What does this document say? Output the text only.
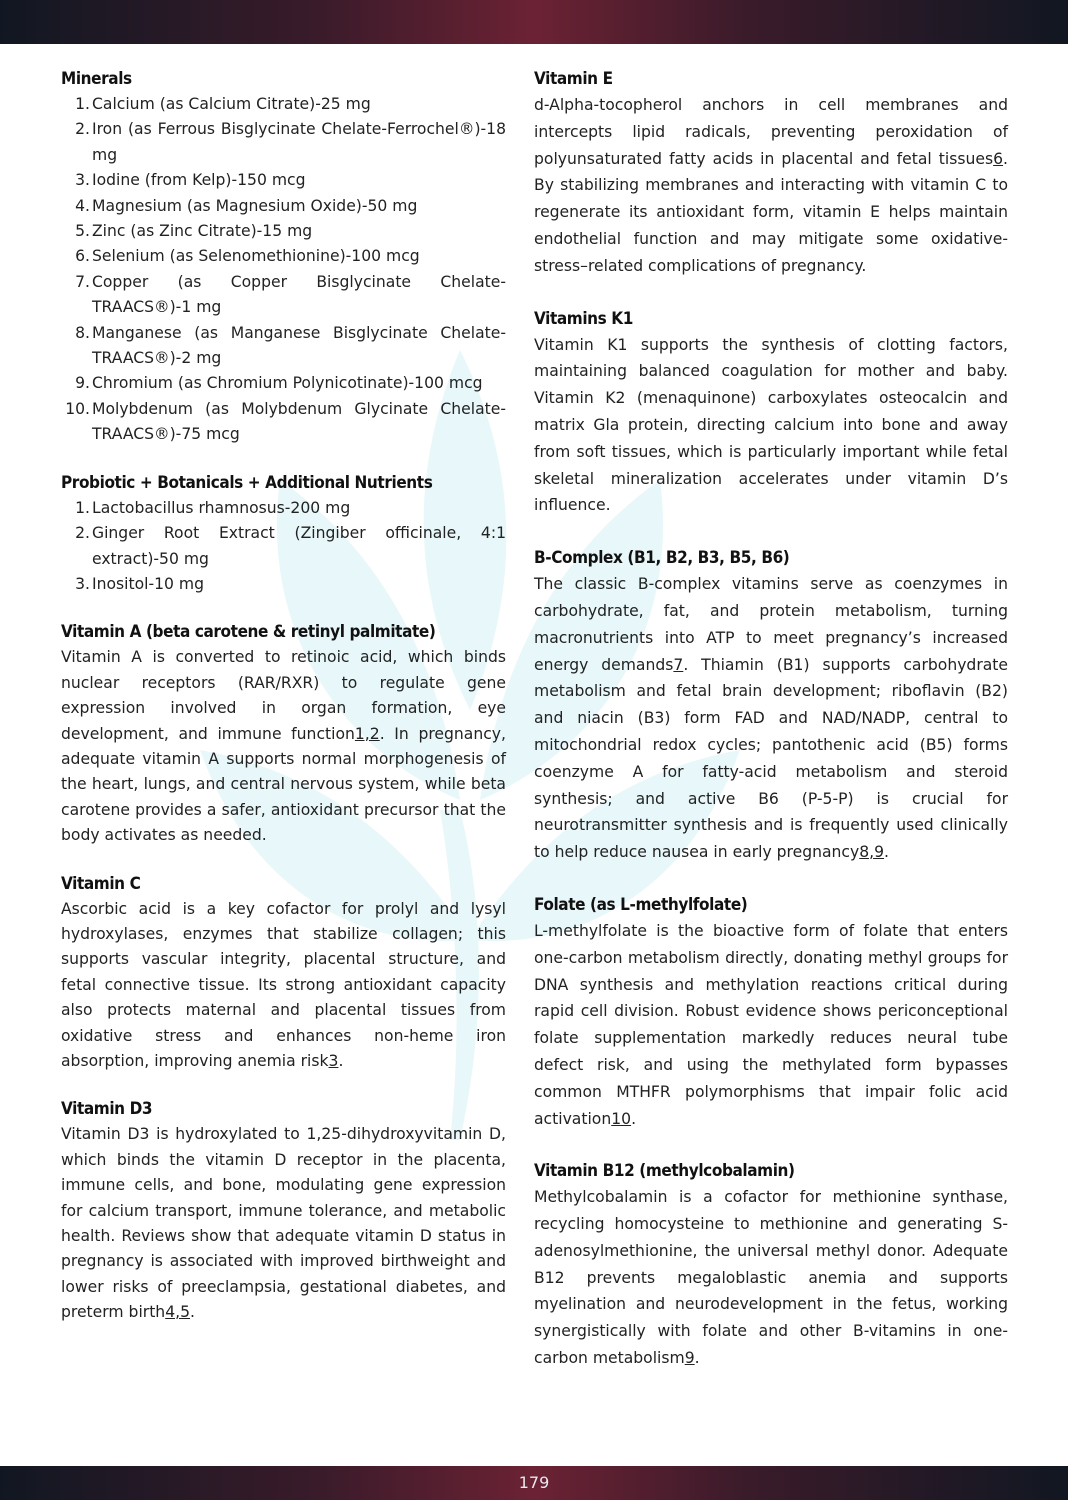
Minerals
1. Calcium (as Calcium Citrate)-25 mg
2. Iron (as Ferrous Bisglycinate Chelate-Ferrochel®)-18 mg
3. Iodine (from Kelp)-150 mcg
4. Magnesium (as Magnesium Oxide)-50 mg
5. Zinc (as Zinc Citrate)-15 mg
6. Selenium (as Selenomethionine)-100 mcg
7. Copper (as Copper Bisglycinate Chelate-TRAACS®)-1 mg
8. Manganese (as Manganese Bisglycinate Chelate-TRAACS®)-2 mg
9. Chromium (as Chromium Polynicotinate)-100 mcg
10. Molybdenum (as Molybdenum Glycinate Chelate-TRAACS®)-75 mcg
Probiotic + Botanicals + Additional Nutrients
1. Lactobacillus rhamnosus-200 mg
2. Ginger Root Extract (Zingiber officinale, 4:1 extract)-50 mg
3. Inositol-10 mg
Vitamin A (beta carotene & retinyl palmitate)

Vitamin A is converted to retinoic acid, which binds nuclear receptors (RAR/RXR) to regulate gene expression involved in organ formation, eye development, and immune function1,2. In pregnancy, adequate vitamin A supports normal morphogenesis of the heart, lungs, and central nervous system, while beta carotene provides a safer, antioxidant precursor that the body activates as needed.

Vitamin C

Ascorbic acid is a key cofactor for prolyl and lysyl hydroxylases, enzymes that stabilize collagen; this supports vascular integrity, placental structure, and fetal connective tissue. Its strong antioxidant capacity also protects maternal and placental tissues from oxidative stress and enhances non-heme iron absorption, improving anemia risk3.

Vitamin D3

Vitamin D3 is hydroxylated to 1,25-dihydroxyvitamin D, which binds the vitamin D receptor in the placenta, immune cells, and bone, modulating gene expression for calcium transport, immune tolerance, and metabolic health. Reviews show that adequate vitamin D status in pregnancy is associated with improved birthweight and lower risks of preeclampsia, gestational diabetes, and preterm birth4,5.

Vitamin E

d-Alpha-tocopherol anchors in cell membranes and intercepts lipid radicals, preventing peroxidation of polyunsaturated fatty acids in placental and fetal tissues6. By stabilizing membranes and interacting with vitamin C to regenerate its antioxidant form, vitamin E helps maintain endothelial function and may mitigate some oxidative-stress–related complications of pregnancy.

Vitamins K1

Vitamin K1 supports the synthesis of clotting factors, maintaining balanced coagulation for mother and baby. Vitamin K2 (menaquinone) carboxylates osteocalcin and matrix Gla protein, directing calcium into bone and away from soft tissues, which is particularly important while fetal skeletal mineralization accelerates under vitamin D’s influence.

B-Complex (B1, B2, B3, B5, B6)

The classic B-complex vitamins serve as coenzymes in carbohydrate, fat, and protein metabolism, turning macronutrients into ATP to meet pregnancy’s increased energy demands7. Thiamin (B1) supports carbohydrate metabolism and fetal brain development; riboflavin (B2) and niacin (B3) form FAD and NAD/NADP, central to mitochondrial redox cycles; pantothenic acid (B5) forms coenzyme A for fatty-acid metabolism and steroid synthesis; and active B6 (P-5-P) is crucial for neurotransmitter synthesis and is frequently used clinically to help reduce nausea in early pregnancy8,9.

Folate (as L-methylfolate)

L-methylfolate is the bioactive form of folate that enters one-carbon metabolism directly, donating methyl groups for DNA synthesis and methylation reactions critical during rapid cell division. Robust evidence shows periconceptional folate supplementation markedly reduces neural tube defect risk, and using the methylated form bypasses common MTHFR polymorphisms that impair folic acid activation10.

Vitamin B12 (methylcobalamin)

Methylcobalamin is a cofactor for methionine synthase, recycling homocysteine to methionine and generating S-adenosylmethionine, the universal methyl donor. Adequate B12 prevents megaloblastic anemia and supports myelination and neurodevelopment in the fetus, working synergistically with folate and other B-vitamins in one-carbon metabolism9.

179
